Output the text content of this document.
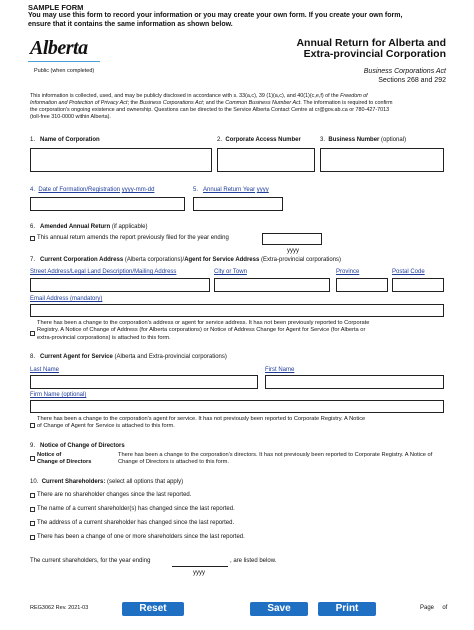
SAMPLE FORM
You may use this form to record your information or you may create your own form. If you create your own form,
ensure that it contains the same information as shown below.
Alberta
Public (when completed)
Annual Return for Alberta and
Extra-provincial Corporation
Business Corporations Act
Sections 268 and 292
This information is collected, used, and may be publicly disclosed in accordance with s. 33(a,c), 39 (1)(a,c), and 40(1)(c,e,f) of the Freedom of
Information and Protection of Privacy Act; the Business Corporations Act; and the Common Business Number Act. The information is required to confirm
the corporation's ongoing existence and ownership. Questions can be directed to the Service Alberta Contact Centre at cr@gov.ab.ca or 780-427-7013
(toll-free 310-0000 within Alberta).
1. Name of Corporation	2. Corporate Access Number	3. Business Number (optional)
4. Date of Formation/Registration yyyy-mm-dd	5. Annual Return Year yyyy
6. Amended Annual Return (if applicable)
This annual return amends the report previously filed for the year ending
yyyy
7. Current Corporation Address (Alberta corporations)/Agent for Service Address (Extra-provincial corporations)
Street Address/Legal Land Description/Mailing Address	City or Town	Province	Postal Code
Email Address (mandatory)
There has been a change to the corporation's address or agent for service address. It has not been previously reported to Corporate
Registry. A Notice of Change of Address (for Alberta corporations) or Notice of Address Change for Agent for Service (for Alberta or
extra-provincial corporations) is attached to this form.
8. Current Agent for Service (Alberta and Extra-provincial corporations)
Last Name	First Name
Firm Name (optional)
There has been a change to the corporation's agent for service. It has not previously been reported to Corporate Registry. A Notice
of Change of Agent for Service is attached to this form.
9. Notice of Change of Directors
Notice of
Change of Directors
There has been a change to the corporation's directors. It has not previously been reported to Corporate Registry. A Notice of
Change of Directors is attached to this form.
10. Current Shareholders: (select all options that apply)
There are no shareholder changes since the last reported.
The name of a current shareholder(s) has changed since the last reported.
The address of a current shareholder has changed since the last reported.
There has been a change of one or more shareholders since the last reported.
The current shareholders, for the year ending	, are listed below.
yyyy
REG3062 Rev. 2021-03	Reset	Save	Print	Page     of
